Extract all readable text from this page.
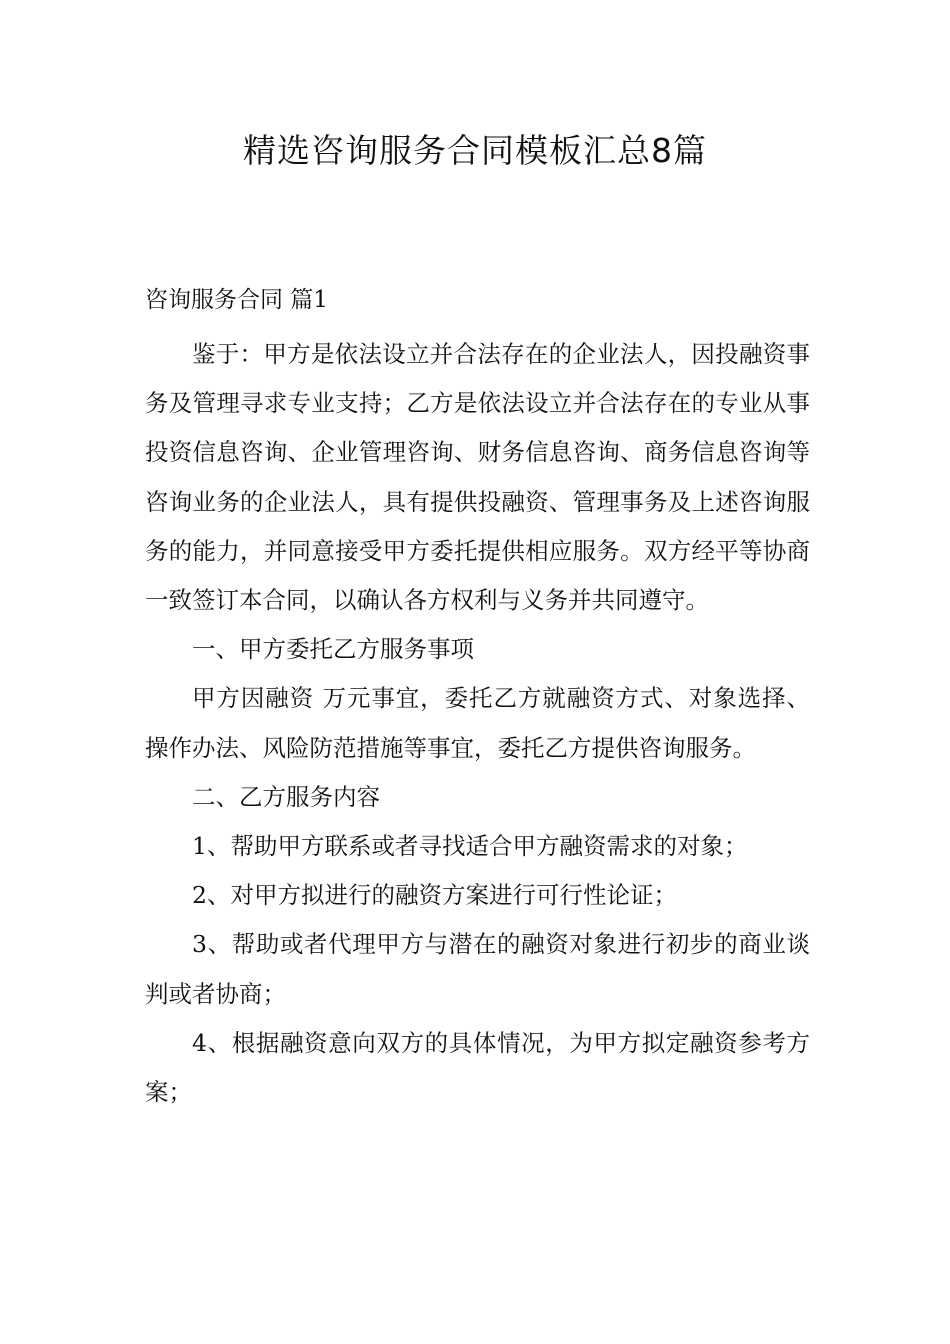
精选咨询服务合同模板汇总8篇
咨询服务合同 篇1

鉴于：甲方是依法设立并合法存在的企业法人，因投融资事务及管理寻求专业支持；乙方是依法设立并合法存在的专业从事投资信息咨询、企业管理咨询、财务信息咨询、商务信息咨询等咨询业务的企业法人，具有提供投融资、管理事务及上述咨询服务的能力，并同意接受甲方委托提供相应服务。双方经平等协商一致签订本合同，以确认各方权利与义务并共同遵守。

一、甲方委托乙方服务事项

甲方因融资 万元事宜，委托乙方就融资方式、对象选择、操作办法、风险防范措施等事宜，委托乙方提供咨询服务。

二、乙方服务内容

1、帮助甲方联系或者寻找适合甲方融资需求的对象；

2、对甲方拟进行的融资方案进行可行性论证；

3、帮助或者代理甲方与潜在的融资对象进行初步的商业谈判或者协商；

4、根据融资意向双方的具体情况，为甲方拟定融资参考方案；
